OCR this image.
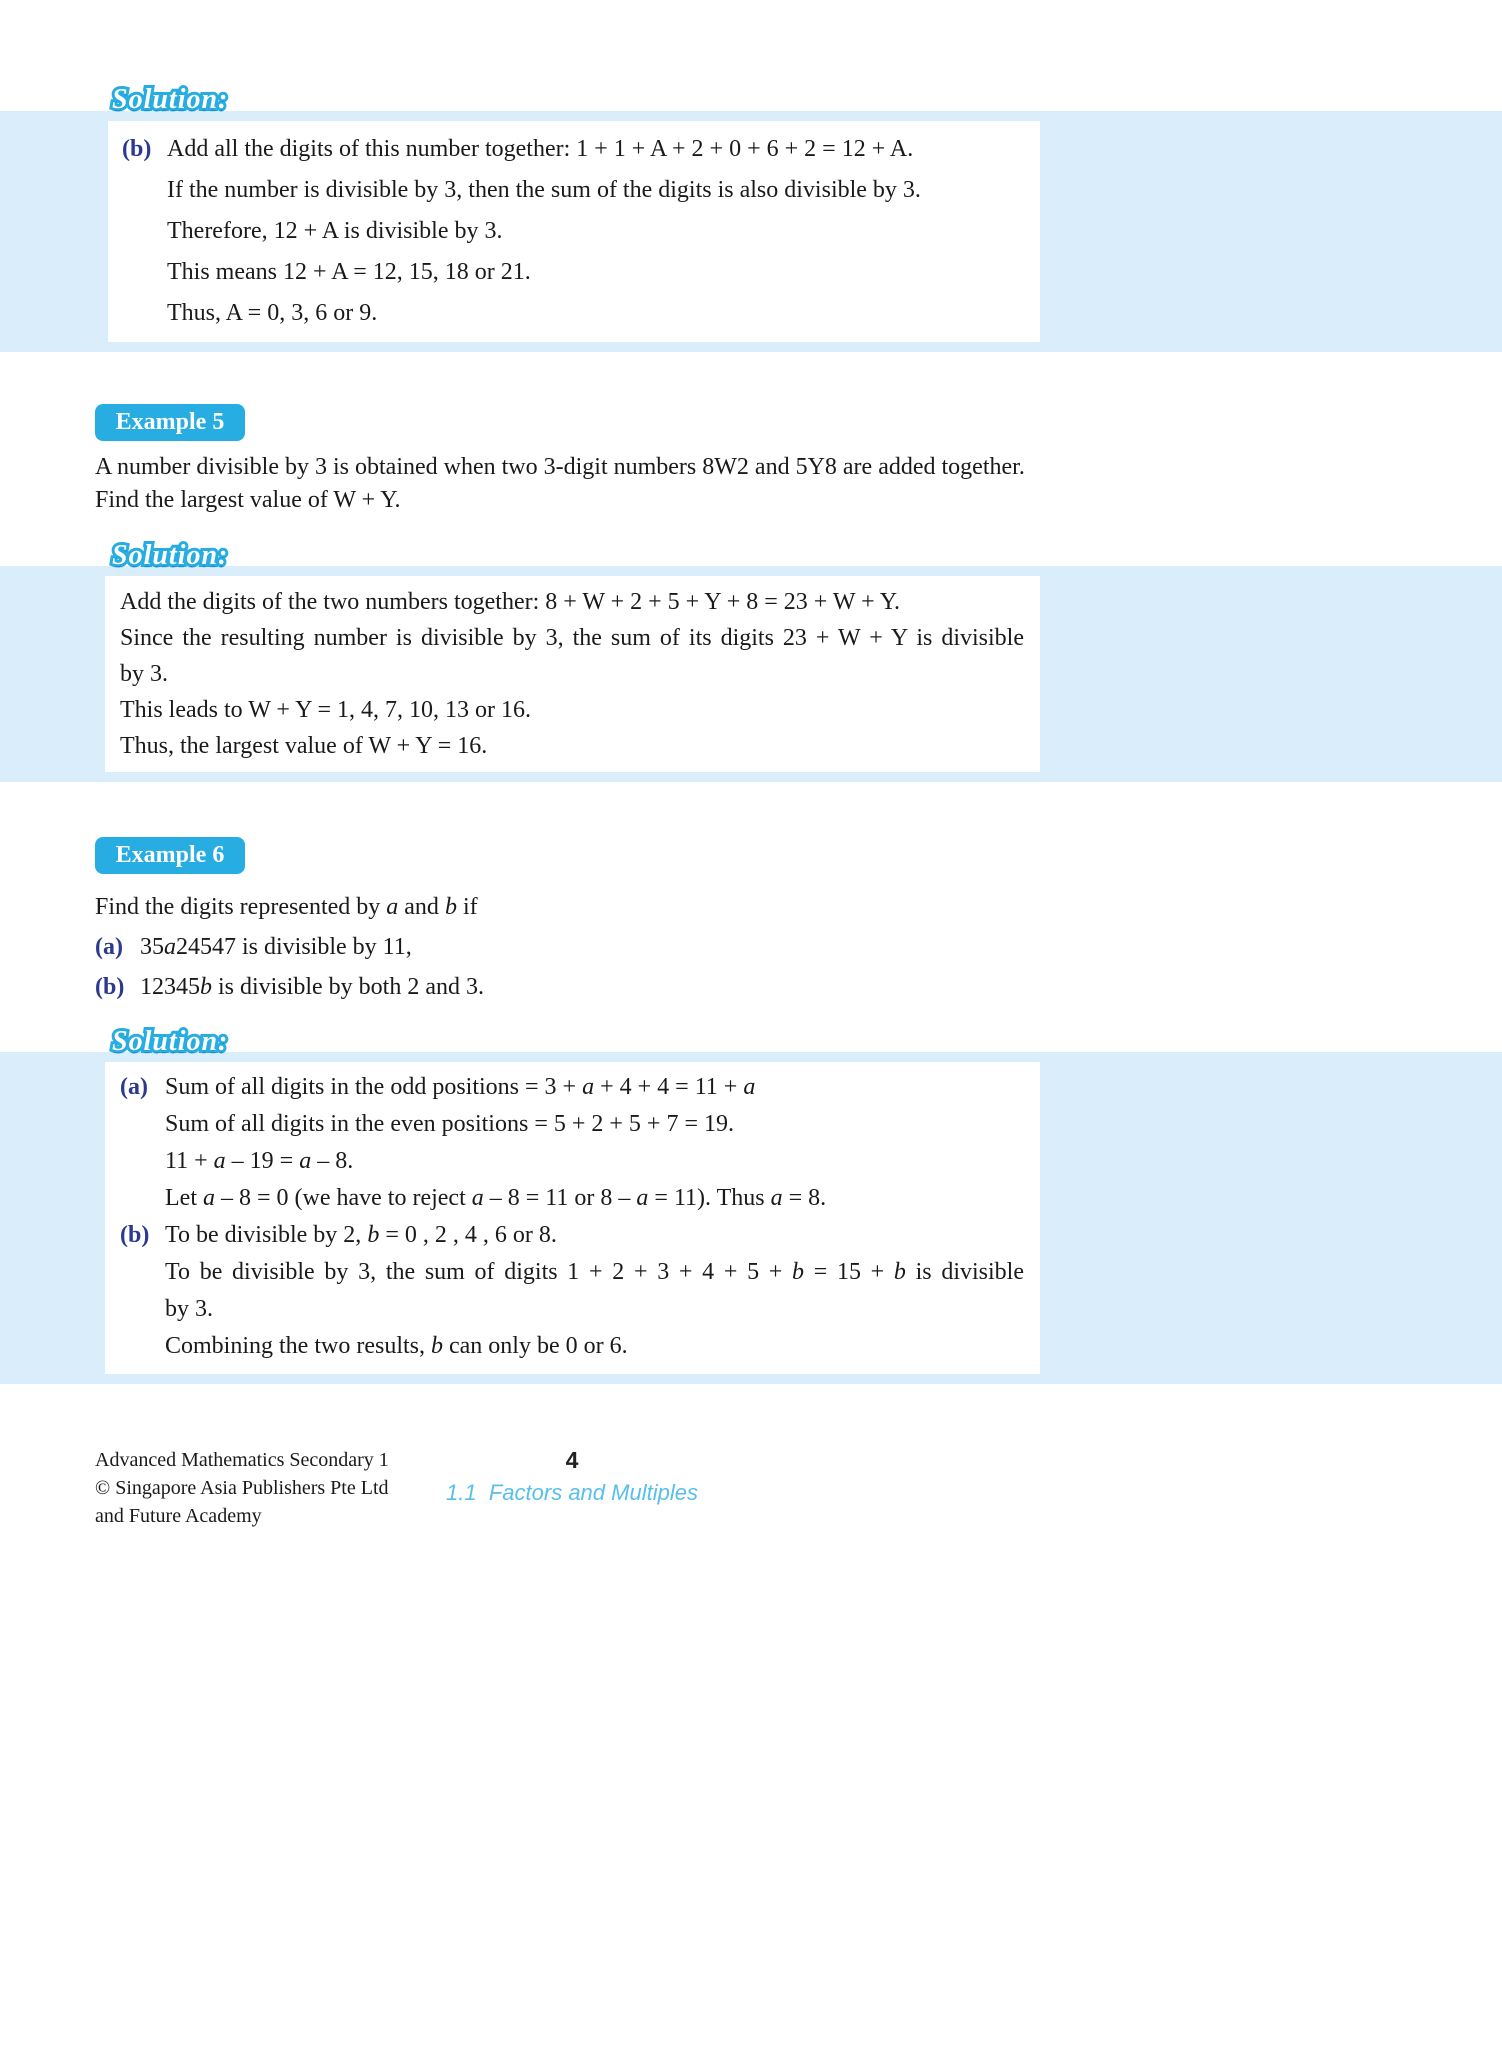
Solution:
(b) Add all the digits of this number together: 1 + 1 + A + 2 + 0 + 6 + 2 = 12 + A.
If the number is divisible by 3, then the sum of the digits is also divisible by 3.
Therefore, 12 + A is divisible by 3.
This means 12 + A = 12, 15, 18 or 21.
Thus, A = 0, 3, 6 or 9.
Example 5
A number divisible by 3 is obtained when two 3-digit numbers 8W2 and 5Y8 are added together.
Find the largest value of W + Y.
Solution:
Add the digits of the two numbers together: 8 + W + 2 + 5 + Y + 8 = 23 + W + Y.
Since the resulting number is divisible by 3, the sum of its digits 23 + W + Y is divisible
by 3.
This leads to W + Y = 1, 4, 7, 10, 13 or 16.
Thus, the largest value of W + Y = 16.
Example 6
Find the digits represented by a and b if
(a) 35a24547 is divisible by 11,
(b) 12345b is divisible by both 2 and 3.
Solution:
(a) Sum of all digits in the odd positions = 3 + a + 4 + 4 = 11 + a
Sum of all digits in the even positions = 5 + 2 + 5 + 7 = 19.
11 + a – 19 = a – 8.
Let a – 8 = 0 (we have to reject a – 8 = 11 or 8 – a = 11). Thus a = 8.
(b) To be divisible by 2, b = 0 , 2 , 4 , 6 or 8.
To be divisible by 3, the sum of digits 1 + 2 + 3 + 4 + 5 + b = 15 + b is divisible
by 3.
Combining the two results, b can only be 0 or 6.
Advanced Mathematics Secondary 1
© Singapore Asia Publishers Pte Ltd
and Future Academy
4
1.1  Factors and Multiples
